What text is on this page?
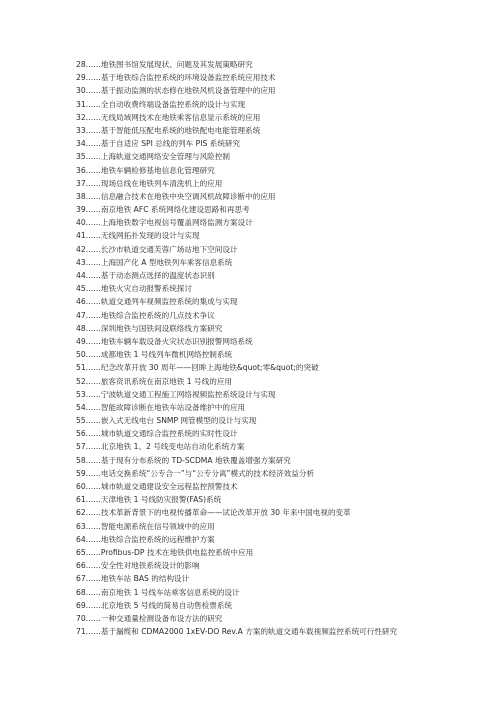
28……地铁图书馆发展现状、问题及其发展策略研究
29……基于地铁综合监控系统的环境设备监控系统应用技术
30……基于振动监测的状态修在地铁风机设备管理中的应用
31……全自动收费终端设备监控系统的设计与实现
32……无线局域网技术在地铁乘客信息显示系统的应用
33……基于智能低压配电系统的地铁配电电能管理系统
34……基于自适应 SPI 总线的列车 PIS 系统研究
35……上海轨道交通网络安全管理与风险控制
36……地铁车辆检修基地信息化管理研究
37……现场总线在地铁列车清洗机上的应用
38……信息融合技术在地铁中央空调风机故障诊断中的应用
39……南京地铁 AFC 系统网络化建设思路和再思考
40……上海地铁数字电视信号覆盖网络监测方案设计
41……无线网拓扑发现的设计与实现
42……长沙市轨道交通芙蓉广场站地下空间设计
43……上海国产化 A 型地铁列车乘客信息系统
44……基于动态测点选择的温度状态识别
45……地铁火灾自动报警系统探讨
46……轨道交通列车视频监控系统的集成与实现
47……地铁综合监控系统的几点技术争议
48……深圳地铁与国铁间设联络线方案研究
49……地铁车辆车载设备火灾状态识别报警网络系统
50……成都地铁 1 号线列车微机网络控制系统
51……纪念改革开放 30 周年——回眸上海地铁&quot;零&quot;的突破
52……旅客资讯系统在南京地铁 1 号线的应用
53……宁波轨道交通工程施工网络视频监控系统设计与实现
54……智能故障诊断在地铁车站设备维护中的应用
55……嵌入式无线电台 SNMP 网管模型的设计与实现
56……城市轨道交通综合监控系统的实时性设计
57……北京地铁 1、2 号线变电站自动化系统方案
58……基于现有分布系统的 TD-SCDMA 地铁覆盖增强方案研究
59……电话交换系统“公专合一”与“公专分离”模式的技术经济效益分析
60……城市轨道交通建设安全远程监控预警技术
61……天津地铁 1 号线防灾报警(FAS)系统
62……技术革新背景下的电视传播革命——试论改革开放 30 年来中国电视的变革
63……智能电源系统在信号领域中的应用
64……地铁综合监控系统的远程维护方案
65……Profibus-DP 技术在地铁供电监控系统中应用
66……安全性对地铁系统设计的影响
67……地铁车站 BAS 的结构设计
68……南京地铁 1 号线车站乘客信息系统的设计
69……北京地铁 5 号线的简易自动售检票系统
70……一种交通量检测设备布设方法的研究
71……基于漏缆和 CDMA2000 1xEV-DO Rev.A 方案的轨道交通车载视频监控系统可行性研究
